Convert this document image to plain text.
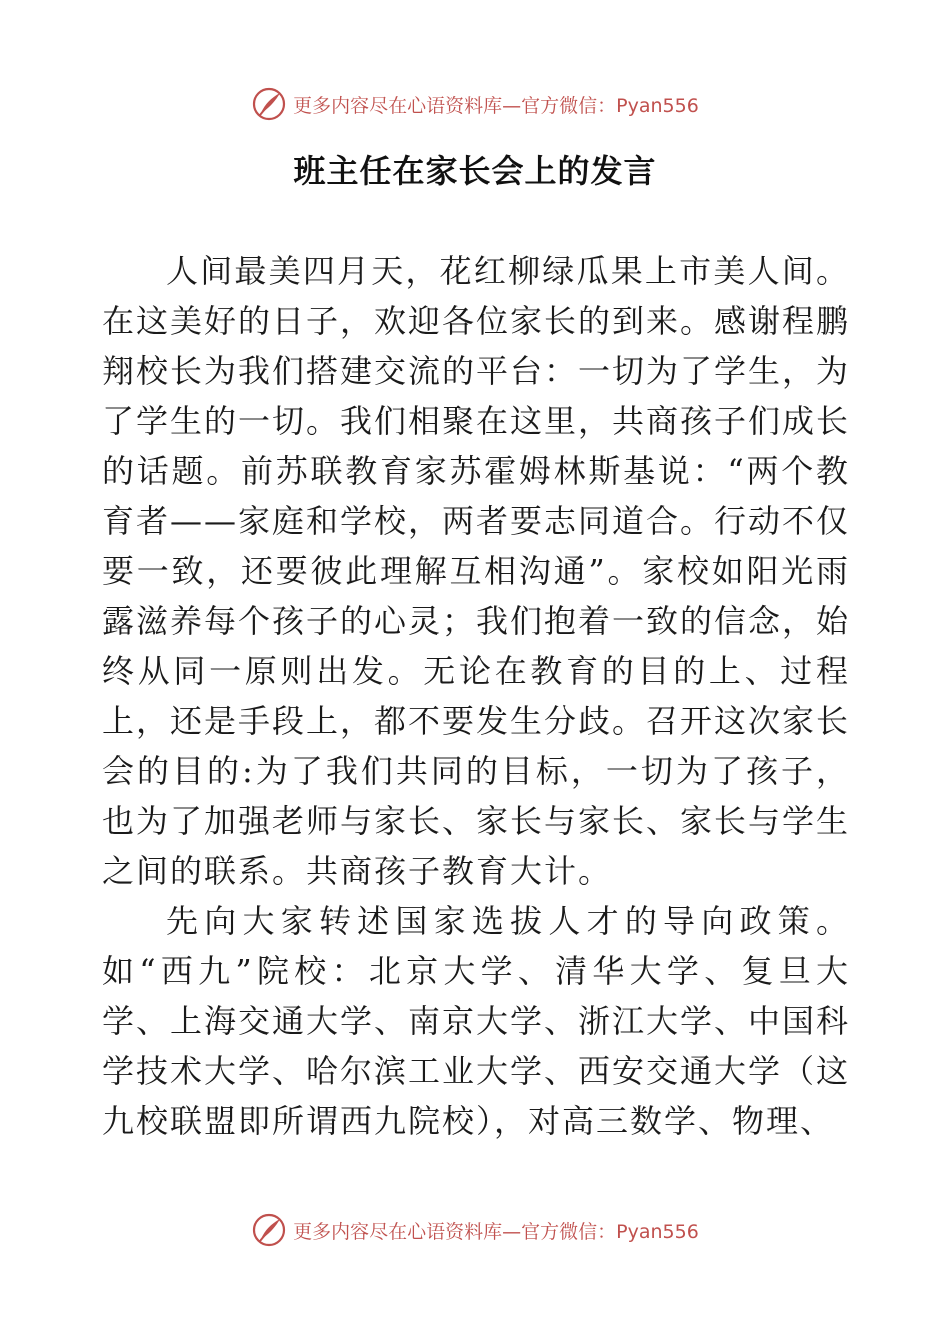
更多内容尽在心语资料库—官方微信：Pyan556
班主任在家长会上的发言

人间最美四月天，花红柳绿瓜果上市美人间。在这美好的日子，欢迎各位家长的到来。感谢程鹏翔校长为我们搭建交流的平台：一切为了学生，为了学生的一切。我们相聚在这里，共商孩子们成长的话题。前苏联教育家苏霍姆林斯基说：“两个教育者——家庭和学校，两者要志同道合。行动不仅要一致，还要彼此理解互相沟通”。家校如阳光雨露滋养每个孩子的心灵；我们抱着一致的信念，始终从同一原则出发。无论在教育的目的上、过程上，还是手段上，都不要发生分歧。召开这次家长会的目的:为了我们共同的目标，一切为了孩子，也为了加强老师与家长、家长与家长、家长与学生之间的联系。共商孩子教育大计。

先向大家转述国家选拔人才的导向政策。如“西九”院校：北京大学、清华大学、复旦大学、上海交通大学、南京大学、浙江大学、中国科学技术大学、哈尔滨工业大学、西安交通大学（这九校联盟即所谓西九院校），对高三数学、物理、

更多内容尽在心语资料库—官方微信：Pyan556
